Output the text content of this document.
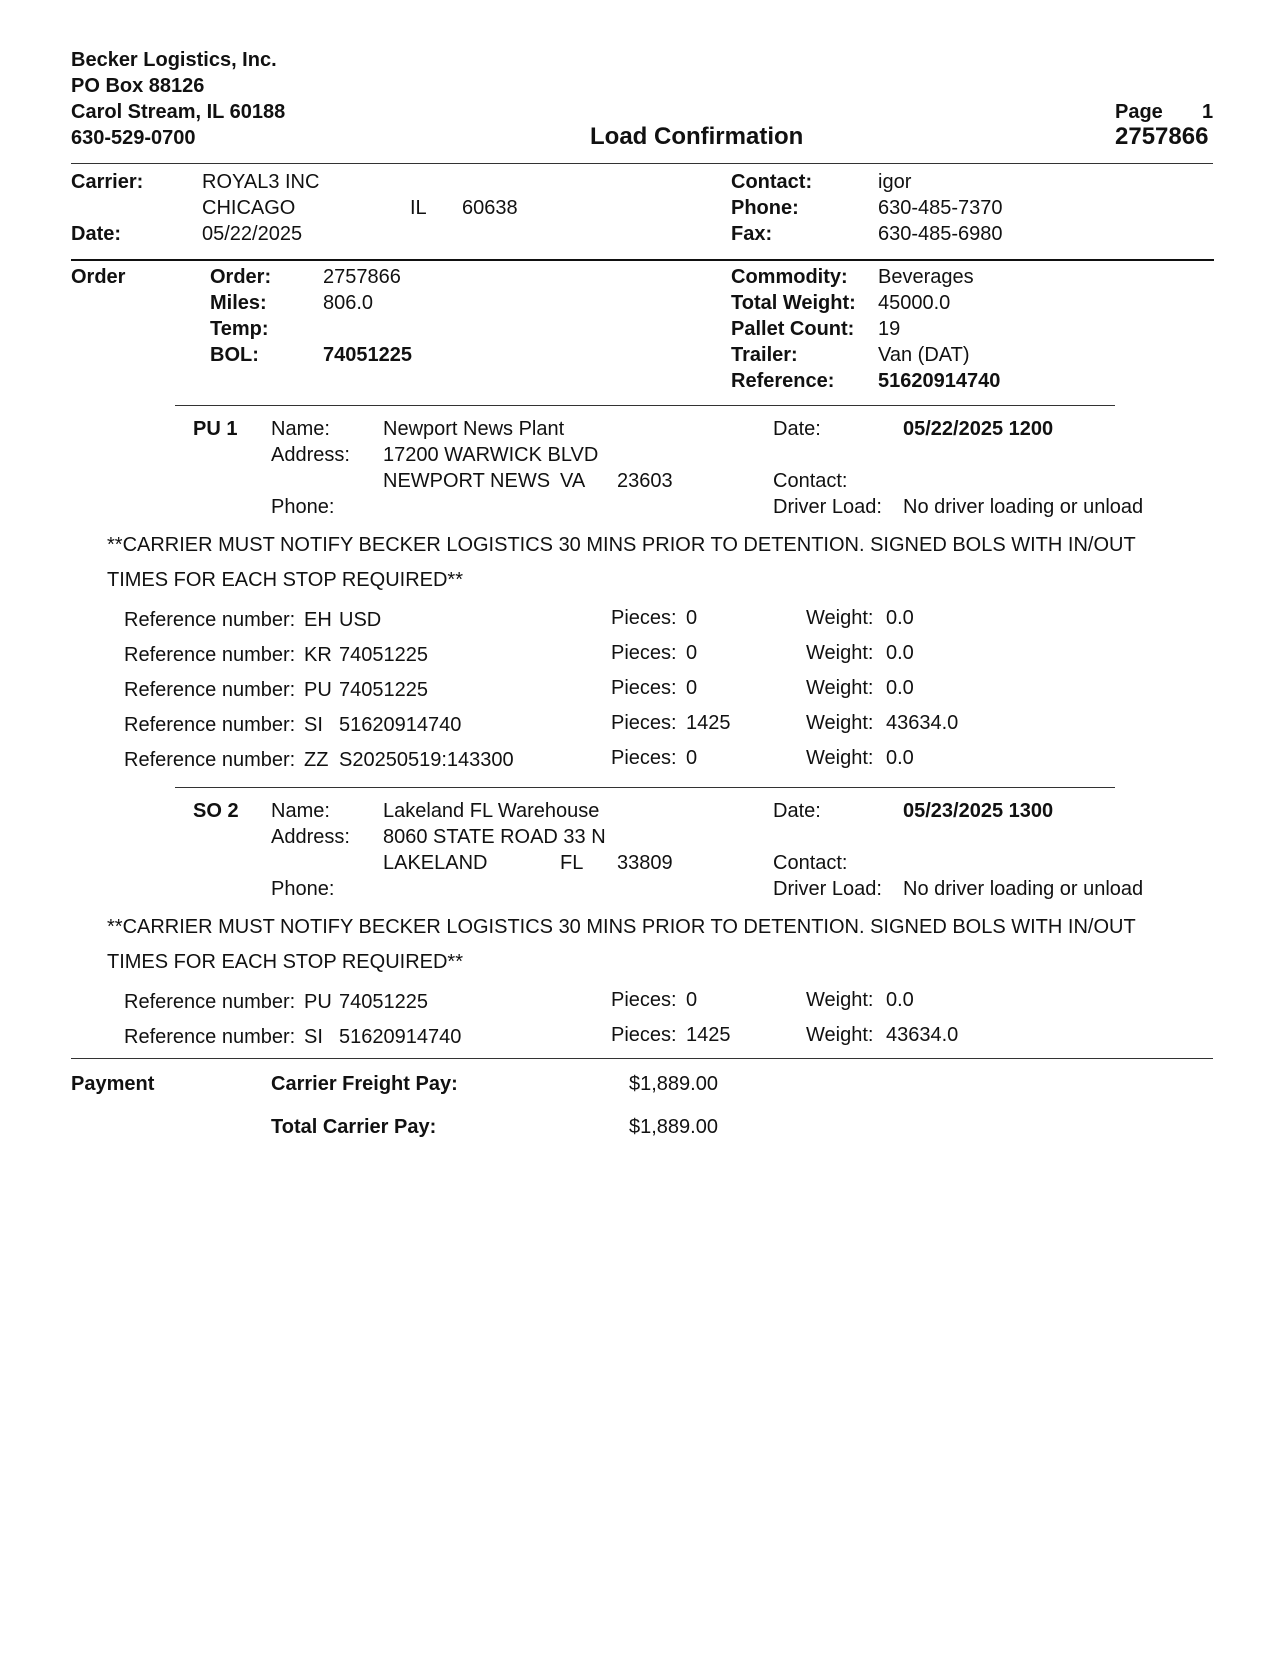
Becker Logistics, Inc.
PO Box 88126
Carol Stream, IL 60188
630-529-0700	Load Confirmation
Page 1
2757866
Carrier:	ROYAL3 INC
CHICAGO	IL 60638
Date:	05/22/2025
Contact:	igor
Phone:	630-485-7370
Fax:	630-485-6980
Order	Order:	2757866
Miles:	806.0
Temp:
BOL:	74051225
Commodity: Beverages
Total Weight: 45000.0
Pallet Count: 19
Trailer:	Van (DAT)
Reference: 51620914740
PU 1 Name:	Newport News Plant
Address: 17200 WARWICK BLVD
NEWPORT NEWS VA 23603
Phone:
Date:	05/22/2025 1200
Contact:
Driver Load: No driver loading or unload
**CARRIER MUST NOTIFY BECKER LOGISTICS 30 MINS PRIOR TO DETENTION. SIGNED BOLS WITH IN/OUT
TIMES FOR EACH STOP REQUIRED**
Reference number: EH USD	Pieces: 0	Weight: 0.0
Reference number: KR 74051225	Pieces: 0	Weight: 0.0
Reference number: PU 74051225	Pieces: 0	Weight: 0.0
Reference number: SI 51620914740	Pieces: 1425	Weight: 43634.0
Reference number: ZZ S20250519:143300	Pieces: 0	Weight: 0.0
SO 2 Name:	Lakeland FL Warehouse
Address: 8060 STATE ROAD 33 N
LAKELAND	FL 33809
Phone:
Date:	05/23/2025 1300
Contact:
Driver Load: No driver loading or unload
**CARRIER MUST NOTIFY BECKER LOGISTICS 30 MINS PRIOR TO DETENTION. SIGNED BOLS WITH IN/OUT
TIMES FOR EACH STOP REQUIRED**
Reference number: PU 74051225	Pieces: 0	Weight: 0.0
Reference number: SI 51620914740	Pieces: 1425	Weight: 43634.0
Payment	Carrier Freight Pay:	$1,889.00
Total Carrier Pay:	$1,889.00
